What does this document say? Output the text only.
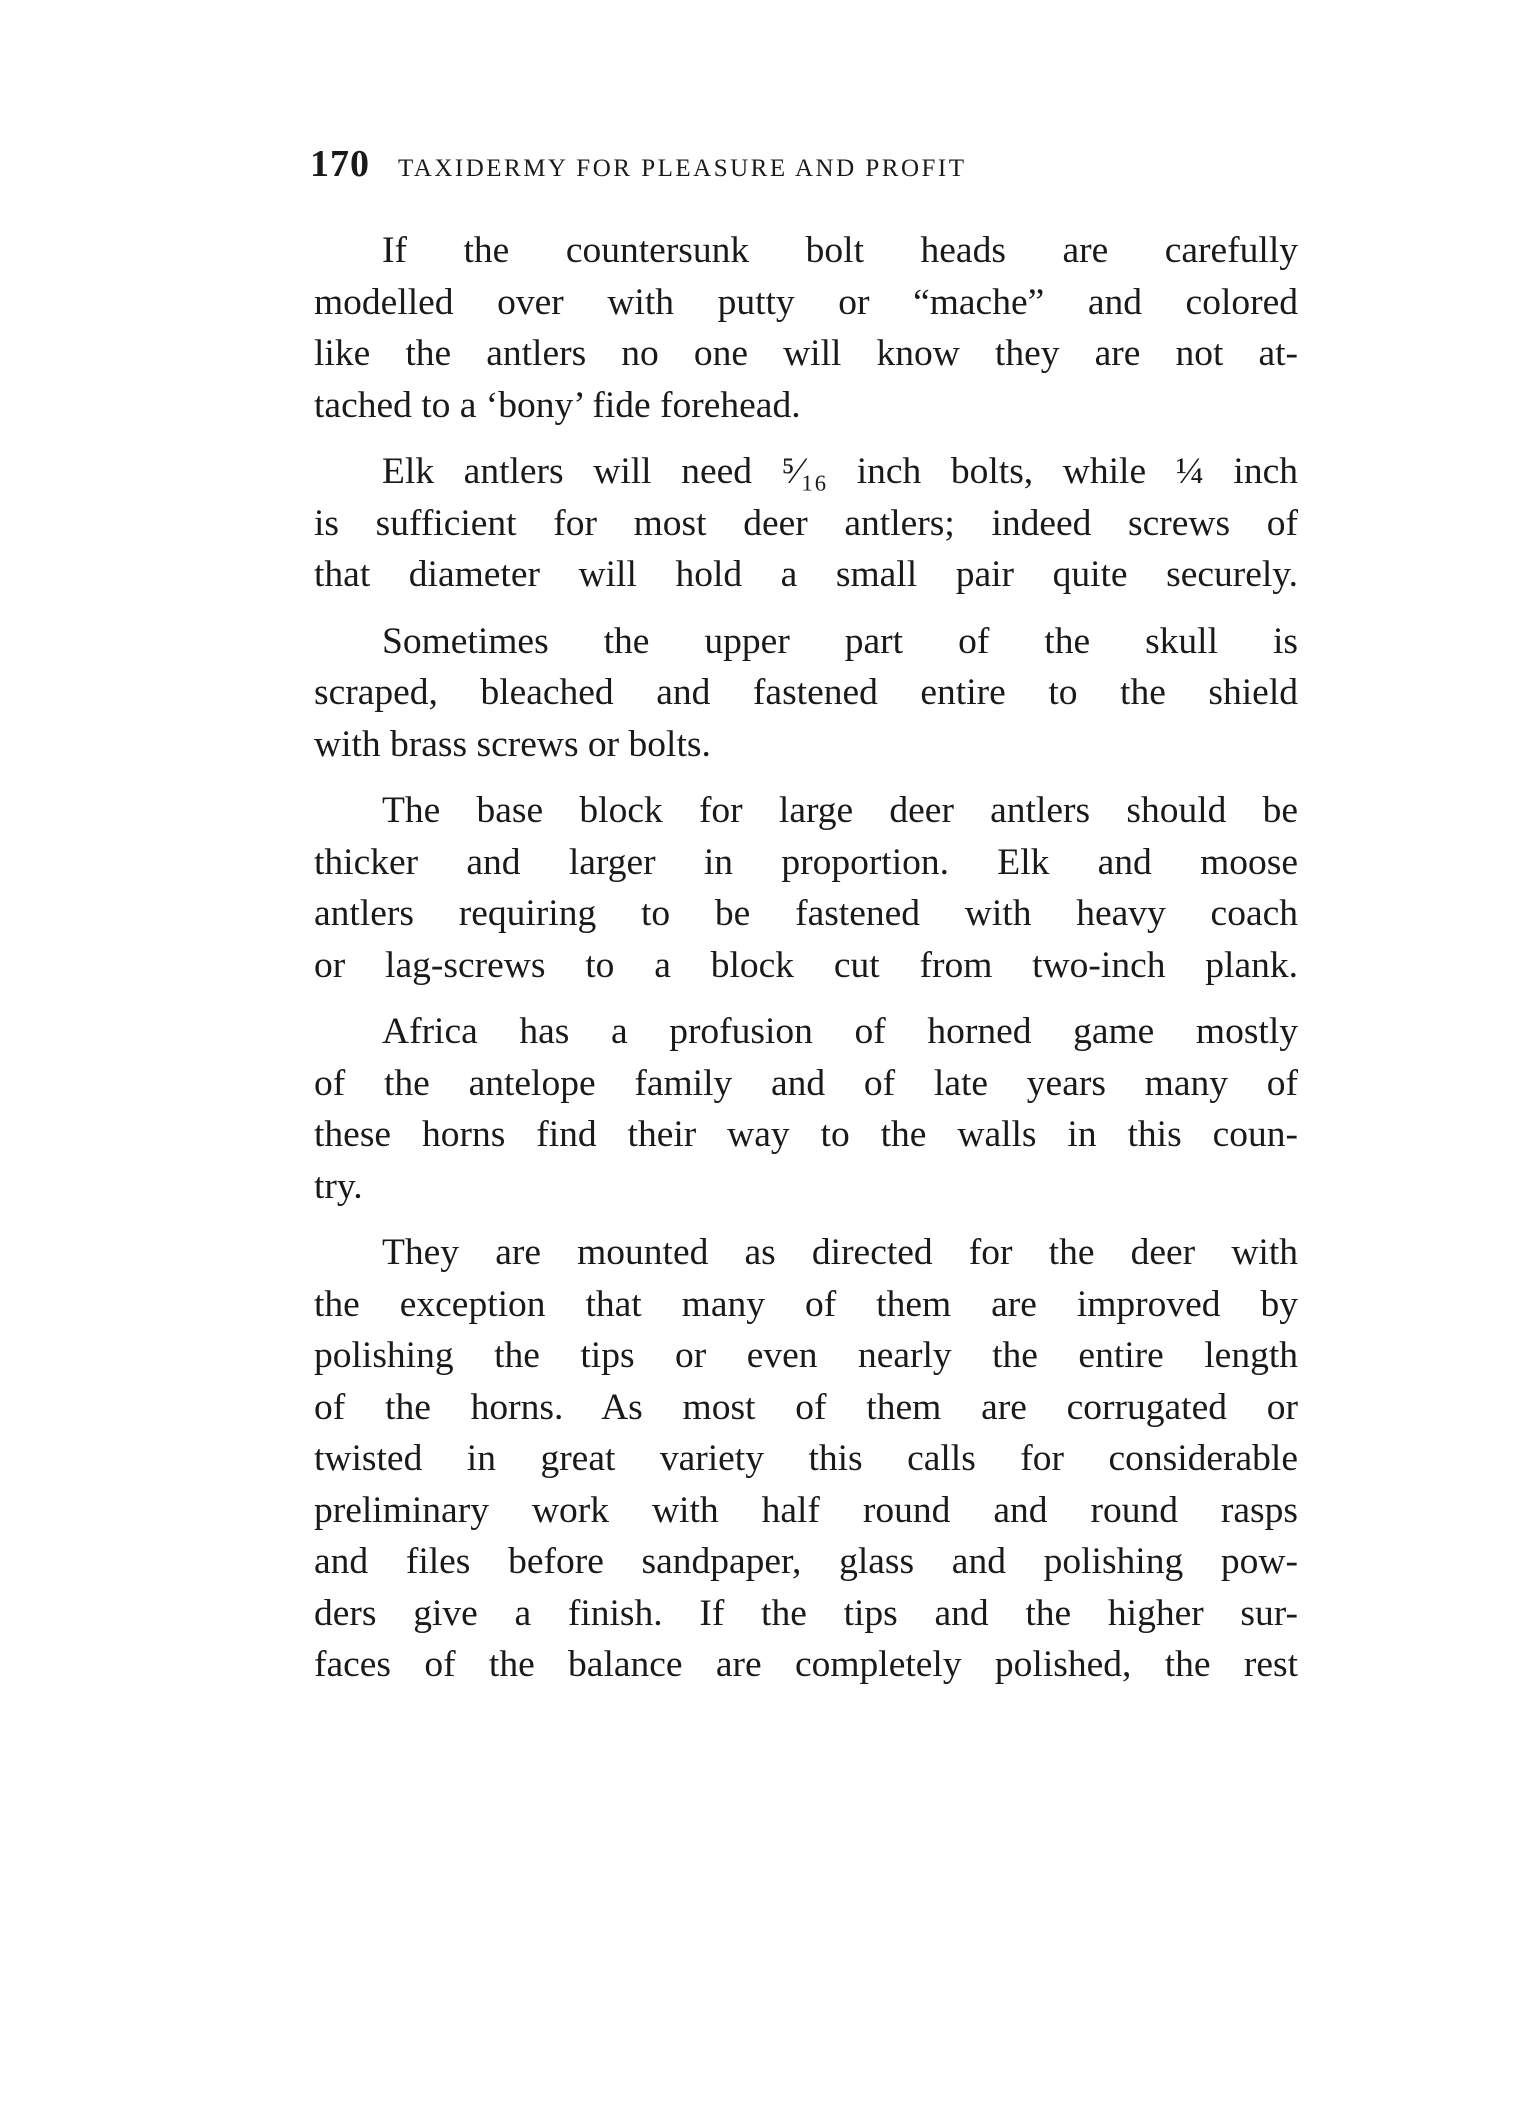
170 TAXIDERMY FOR PLEASURE AND PROFIT

If the countersunk bolt heads are carefully
modelled over with putty or “mache” and colored
like the antlers no one will know they are not at-
tached to a ‘bony’ fide forehead.

Elk antlers will need ⁵⁄₁₆ inch bolts, while ¼ inch
is sufficient for most deer antlers; indeed screws of
that diameter will hold a small pair quite securely.

Sometimes the upper part of the skull is
scraped, bleached and fastened entire to the shield
with brass screws or bolts.

The base block for large deer antlers should be
thicker and larger in proportion. Elk and moose
antlers requiring to be fastened with heavy coach
or lag-screws to a block cut from two-inch plank.

Africa has a profusion of horned game mostly
of the antelope family and of late years many of
these horns find their way to the walls in this coun-
try.

They are mounted as directed for the deer with
the exception that many of them are improved by
polishing the tips or even nearly the entire length
of the horns. As most of them are corrugated or
twisted in great variety this calls for considerable
preliminary work with half round and round rasps
and files before sandpaper, glass and polishing pow-
ders give a finish. If the tips and the higher sur-
faces of the balance are completely polished, the rest
